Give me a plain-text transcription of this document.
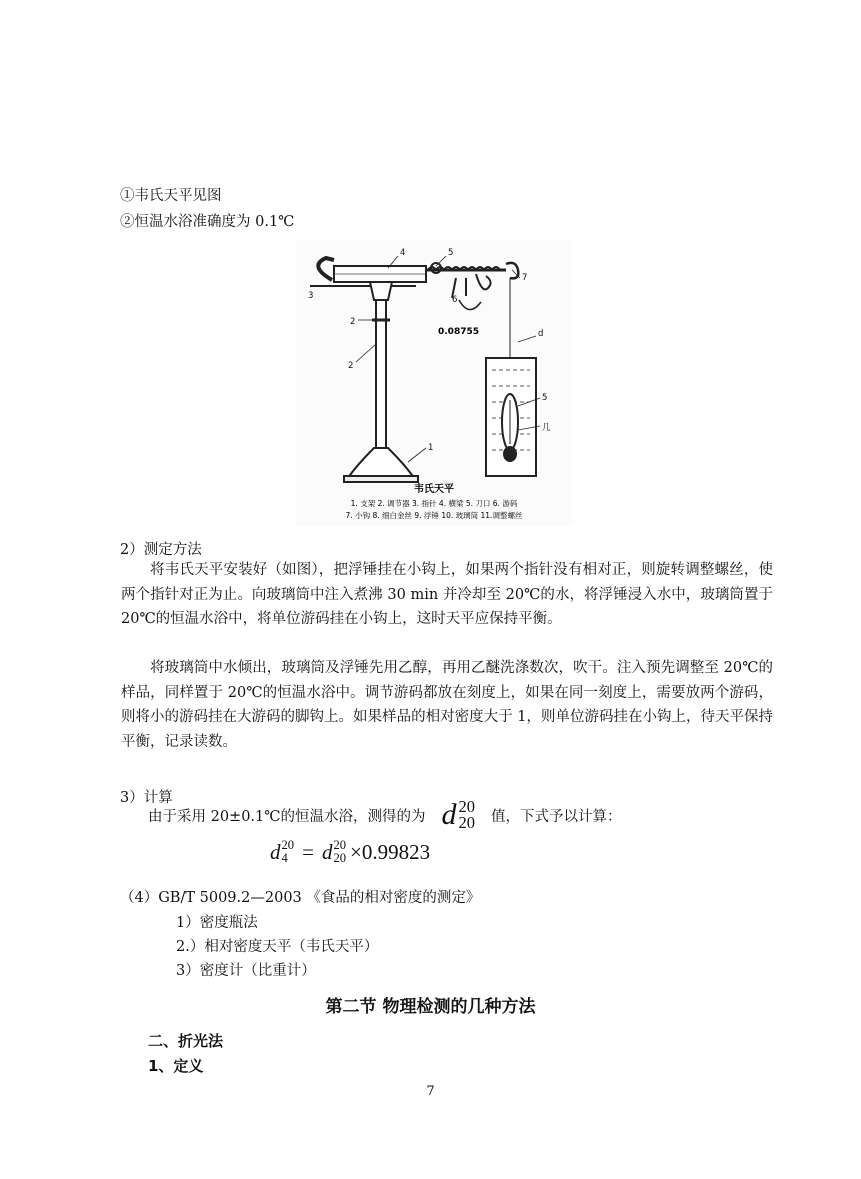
①韦氏天平见图
②恒温水浴准确度为 0.1℃
4	5
7
3	6
2
2
1
d
5
几
0.08755
韦氏天平
1. 支架 2. 调节器 3. 指针 4. 横梁 5. 刀口 6. 游码
7. 小钩 8. 细白金丝 9. 浮锤 10. 玻璃筒 11.调整螺丝
2）测定方法
将韦氏天平安装好（如图），把浮锤挂在小钩上，如果两个指针没有相对正，则旋转调整螺丝，使两个指针对正为止。向玻璃筒中注入煮沸 30 min 并冷却至 20℃的水，将浮锤浸入水中，玻璃筒置于 20℃的恒温水浴中，将单位游码挂在小钩上，这时天平应保持平衡。
将玻璃筒中水倾出，玻璃筒及浮锤先用乙醇，再用乙醚洗涤数次，吹干。注入预先调整至 20℃的样品，同样置于 20℃的恒温水浴中。调节游码都放在刻度上，如果在同一刻度上，需要放两个游码，则将小的游码挂在大游码的脚钩上。如果样品的相对密度大于 1，则单位游码挂在小钩上，待天平保持平衡，记录读数。
3）计算
由于采用 20±0.1℃的恒温水浴，测得的为 d 20
20 值，下式予以计算：
d 20
4 = d 20
20 ×0.99823
（4）GB/T 5009.2—2003 《食品的相对密度的测定》
1）密度瓶法
2.）相对密度天平（韦氏天平）
3）密度计（比重计）
第二节 物理检测的几种方法
二、折光法
1、定义
7
